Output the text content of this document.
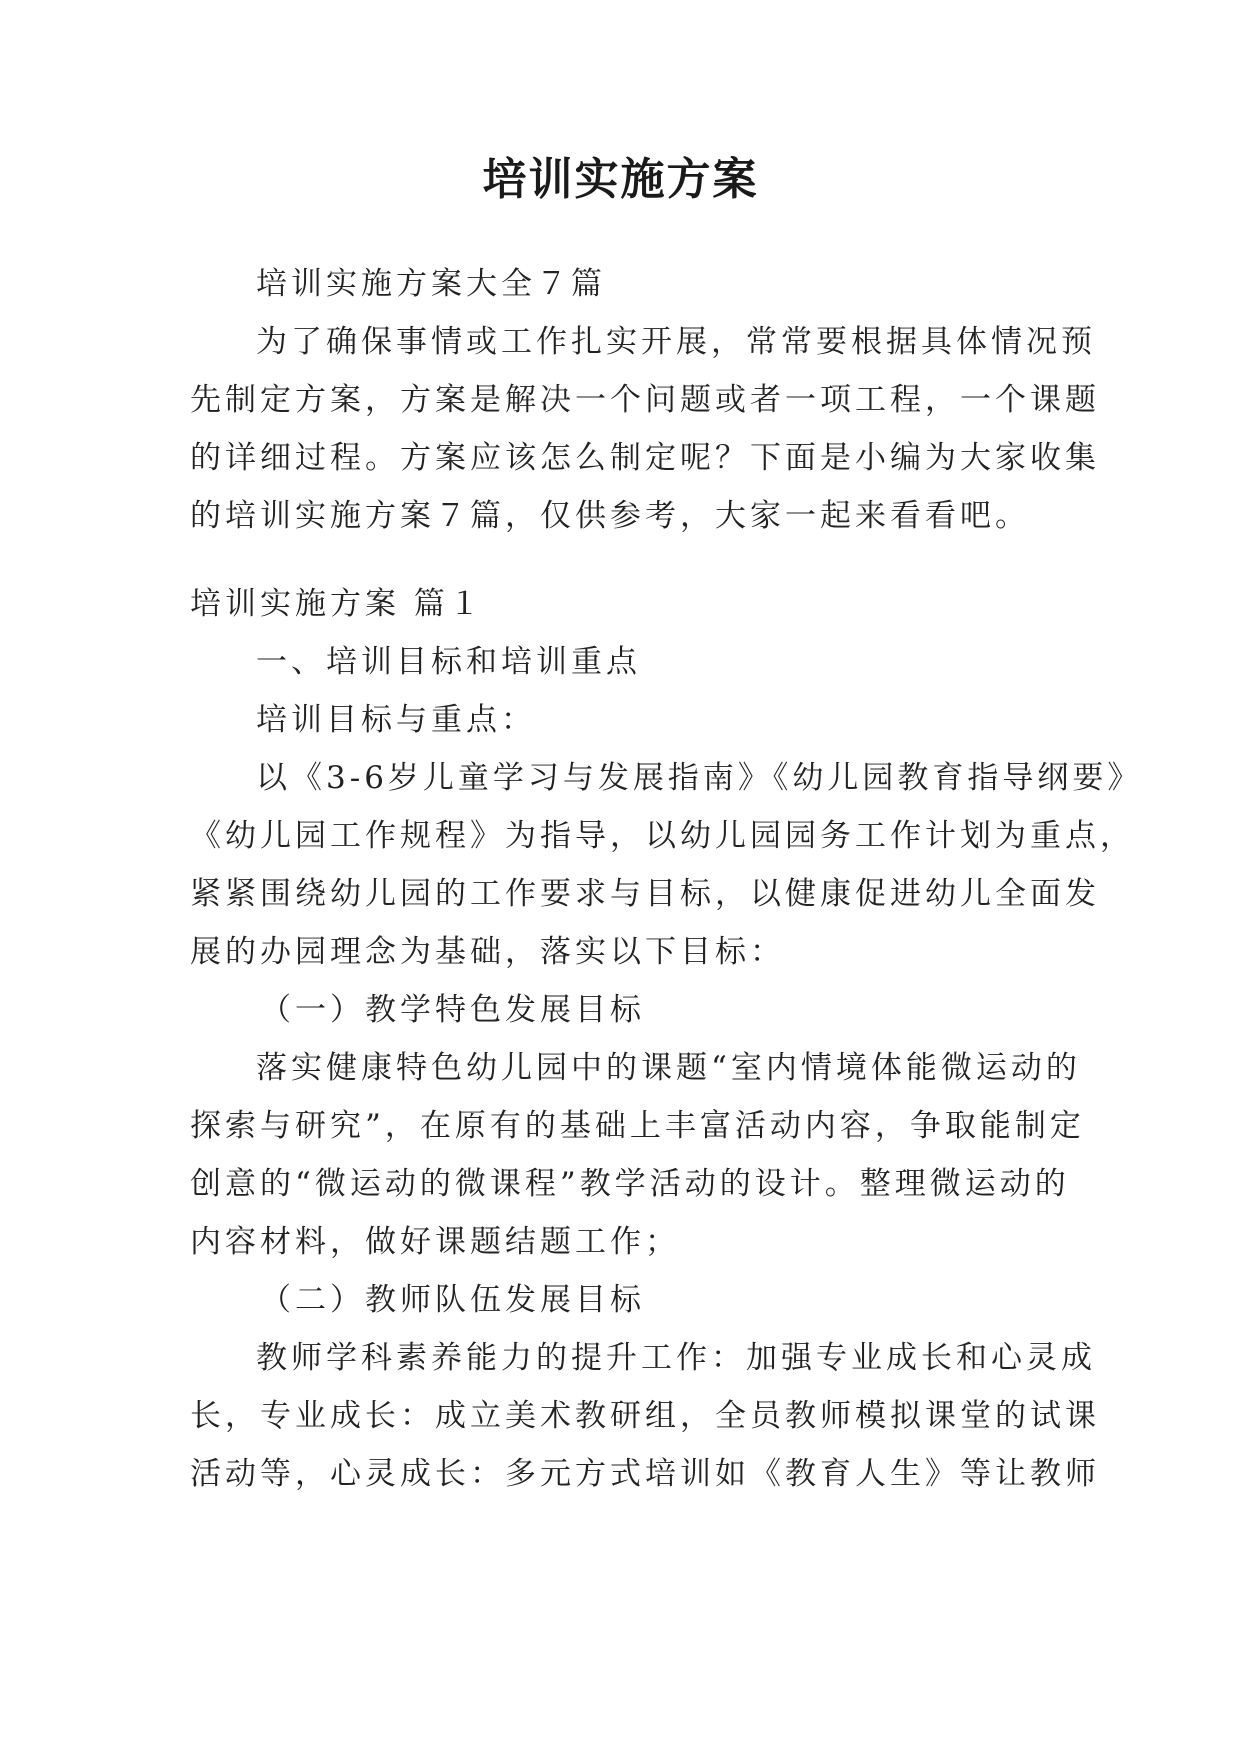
培训实施方案
培训实施方案大全７篇
为了确保事情或工作扎实开展，常常要根据具体情况预
先制定方案，方案是解决一个问题或者一项工程，一个课题
的详细过程。方案应该怎么制定呢？下面是小编为大家收集
的培训实施方案７篇，仅供参考，大家一起来看看吧。
培训实施方案 篇１
一、培训目标和培训重点
培训目标与重点：
以《3-6岁儿童学习与发展指南》《幼儿园教育指导纲要》
《幼儿园工作规程》为指导，以幼儿园园务工作计划为重点，
紧紧围绕幼儿园的工作要求与目标，以健康促进幼儿全面发
展的办园理念为基础，落实以下目标：
（一）教学特色发展目标
落实健康特色幼儿园中的课题“室内情境体能微运动的
探索与研究”，在原有的基础上丰富活动内容，争取能制定
创意的“微运动的微课程”教学活动的设计。整理微运动的
内容材料，做好课题结题工作；
（二）教师队伍发展目标
教师学科素养能力的提升工作：加强专业成长和心灵成
长，专业成长：成立美术教研组，全员教师模拟课堂的试课
活动等，心灵成长：多元方式培训如《教育人生》等让教师
